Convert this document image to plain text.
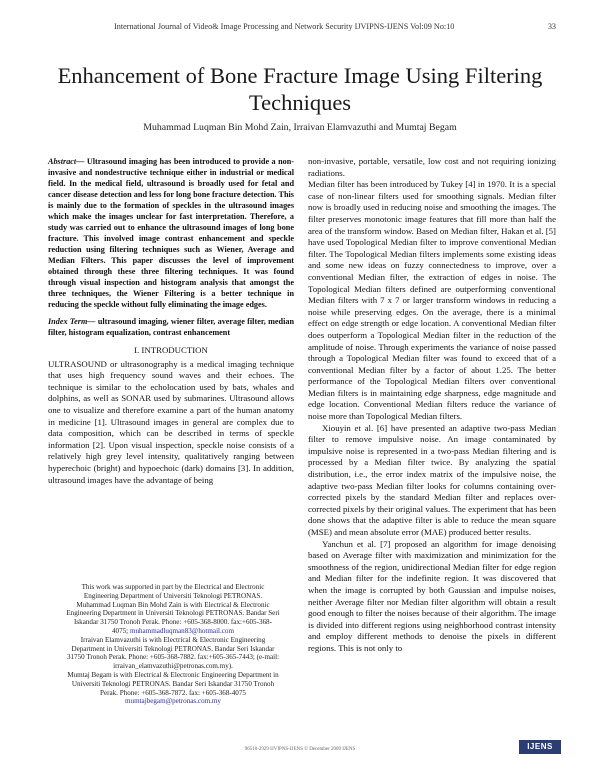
International Journal of Video& Image Processing and Network Security IJVIPNS-IJENS Vol:09 No:10	33
Enhancement of Bone Fracture Image Using Filtering Techniques
Muhammad Luqman Bin Mohd Zain, Irraivan Elamvazuthi and Mumtaj Begam

Abstract— Ultrasound imaging has been introduced to provide a non-invasive and nondestructive technique either in industrial or medical field. In the medical field, ultrasound is broadly used for fetal and cancer disease detection and less for long bone fracture detection. This is mainly due to the formation of speckles in the ultrasound images which make the images unclear for fast interpretation. Therefore, a study was carried out to enhance the ultrasound images of long bone fracture. This involved image contrast enhancement and speckle reduction using filtering techniques such as Wiener, Average and Median Filters. This paper discusses the level of improvement obtained through these three filtering techniques. It was found through visual inspection and histogram analysis that amongst the three techniques, the Wiener Filtering is a better technique in reducing the speckle without fully eliminating the image edges.

Index Term— ultrasound imaging, wiener filter, average filter, median filter, histogram equalization, contrast enhancement

I. INTRODUCTION

ULTRASOUND or ultrasonography is a medical imaging technique that uses high frequency sound waves and their echoes. The technique is similar to the echolocation used by bats, whales and dolphins, as well as SONAR used by submarines. Ultrasound allows one to visualize and therefore examine a part of the human anatomy in medicine [1]. Ultrasound images in general are complex due to data composition, which can be described in terms of speckle information [2]. Upon visual inspection, speckle noise consists of a relatively high grey level intensity, qualitatively ranging between hyperechoic (bright) and hypoechoic (dark) domains [3]. In addition, ultrasound images have the advantage of being

This work was supported in part by the Electrical and Electronic Engineering Department of Universiti Teknologi PETRONAS.

Muhammad Luqman Bin Mohd Zain is with Electrical & Electronic Engineering Department in Universiti Teknologi PETRONAS. Bandar Seri Iskandar 31750 Tronoh Perak. Phone: +605-368-8000. fax:+605-368-4075; muhammadluqman83@hotmail.com

Irraivan Elamvazuthi is with Electrical & Electronic Engineering Department in Universiti Teknologi PETRONAS. Bandar Seri Iskandar 31750 Tronoh Perak. Phone: +605-368-7882. fax:+605-365-7443; (e-mail: irraivan_elamvazuthi@petronas.com.my).

Mumtaj Begam is with Electrical & Electronic Engineering Department in Universiti Teknologi PETRONAS. Bandar Seri Iskandar 31750 Tronoh Perak. Phone: +605-368-7872. fax: +605-368-4075

mumtajbegam@petronas.com.my

non-invasive, portable, versatile, low cost and not requiring ionizing radiations.

Median filter has been introduced by Tukey [4] in 1970. It is a special case of non-linear filters used for smoothing signals. Median filter now is broadly used in reducing noise and smoothing the images. The filter preserves monotonic image features that fill more than half the area of the transform window. Based on Median filter, Hakan et al. [5] have used Topological Median filter to improve conventional Median filter. The Topological Median filters implements some existing ideas and some new ideas on fuzzy connectedness to improve, over a conventional Median filter, the extraction of edges in noise. The Topological Median filters defined are outperforming conventional Median filters with 7 x 7 or larger transform windows in reducing a noise while preserving edges. On the average, there is a minimal effect on edge strength or edge location. A conventional Median filter does outperform a Topological Median filter in the reduction of the amplitude of noise. Through experiments the variance of noise passed through a Topological Median filter was found to exceed that of a conventional Median filter by a factor of about 1.25. The better performance of the Topological Median filters over conventional Median filters is in maintaining edge sharpness, edge magnitude and edge location. Conventional Median filters reduce the variance of noise more than Topological Median filters.

Xiouyin et al. [6] have presented an adaptive two-pass Median filter to remove impulsive noise. An image contaminated by impulsive noise is represented in a two-pass Median filtering and is processed by a Median filter twice. By analyzing the spatial distribution, i.e., the error index matrix of the impulsive noise, the adaptive two-pass Median filter looks for columns containing over-corrected pixels by the standard Median filter and replaces over-corrected pixels by their original values. The experiment that has been done shows that the adaptive filter is able to reduce the mean square (MSE) and mean absolute error (MAE) produced better results.

Yanchun et al. [7] proposed an algorithm for image denoising based on Average filter with maximization and minimization for the smoothness of the region, unidirectional Median filter for edge region and Median filter for the indefinite region. It was discovered that when the image is corrupted by both Gaussian and impulse noises, neither Average filter nor Median filter algorithm will obtain a result good enough to filter the noises because of their algorithm. The image is divided into different regions using neighborhood contrast intensity and employ different methods to denoise the pixels in different regions. This is not only to

96510-2929 IJVIPNS-IJENS © December 2009 IJENS	IJENS
